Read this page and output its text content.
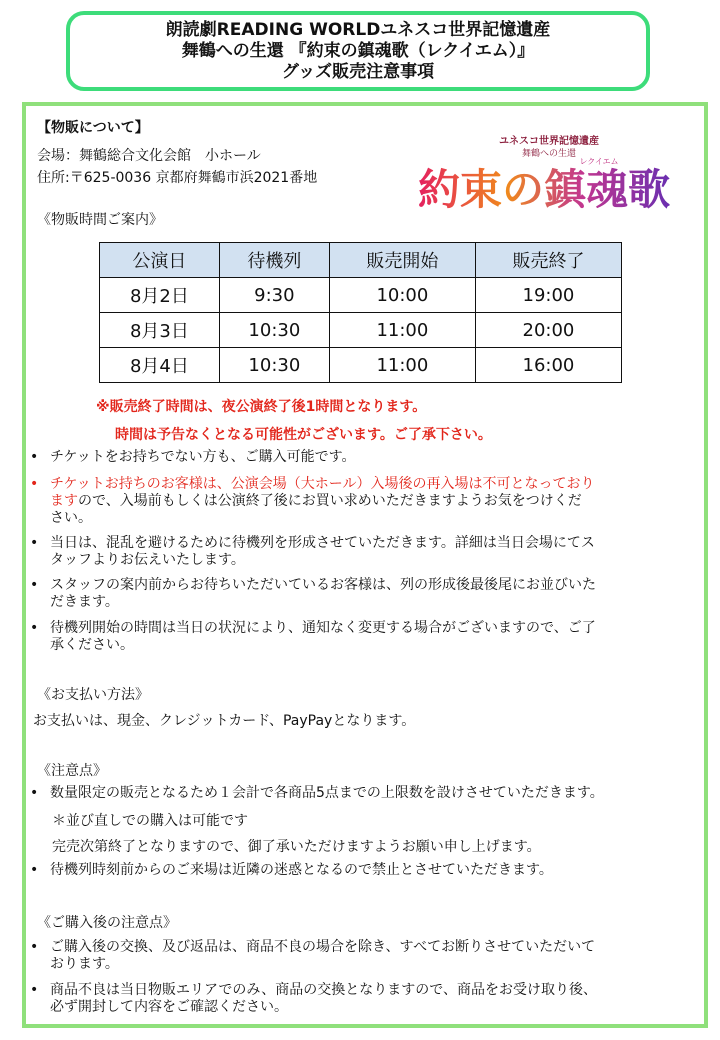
朗読劇READING WORLDユネスコ世界記憶遺産
舞鶴への生還 『約束の鎮魂歌（レクイエム）』
グッズ販売注意事項
【物販について】
会場：舞鶴総合文化会館　小ホール
住所:〒625-0036 京都府舞鶴市浜2021番地
ユネスコ世界記憶遺産
舞鶴への生還
レクイエム
約束の鎮魂歌
《物販時間ご案内》
公演日	待機列	販売開始	販売終了
8月2日	9:30	10:00	19:00
8月3日	10:30	11:00	20:00
8月4日	10:30	11:00	16:00
※販売終了時間は、夜公演終了後1時間となります。
時間は予告なくとなる可能性がございます。ご了承下さい。
• チケットをお持ちでない方も、ご購入可能です。
• チケットお持ちのお客様は、公演会場（大ホール）入場後の再入場は不可となっており
ますので、入場前もしくは公演終了後にお買い求めいただきますようお気をつけくだ
さい。
• 当日は、混乱を避けるために待機列を形成させていただきます。詳細は当日会場にてス
タッフよりお伝えいたします。
• スタッフの案内前からお待ちいただいているお客様は、列の形成後最後尾にお並びいた
だきます。
• 待機列開始の時間は当日の状況により、通知なく変更する場合がございますので、ご了
承ください。
《お支払い方法》
お支払いは、現金、クレジットカード、PayPayとなります。
《注意点》
• 数量限定の販売となるため１会計で各商品5点までの上限数を設けさせていただきます。
＊並び直しでの購入は可能です
完売次第終了となりますので、御了承いただけますようお願い申し上げます。
• 待機列時刻前からのご来場は近隣の迷惑となるので禁止とさせていただきます。
《ご購入後の注意点》
• ご購入後の交換、及び返品は、商品不良の場合を除き、すべてお断りさせていただいて
おります。
• 商品不良は当日物販エリアでのみ、商品の交換となりますので、商品をお受け取り後、
必ず開封して内容をご確認ください。
